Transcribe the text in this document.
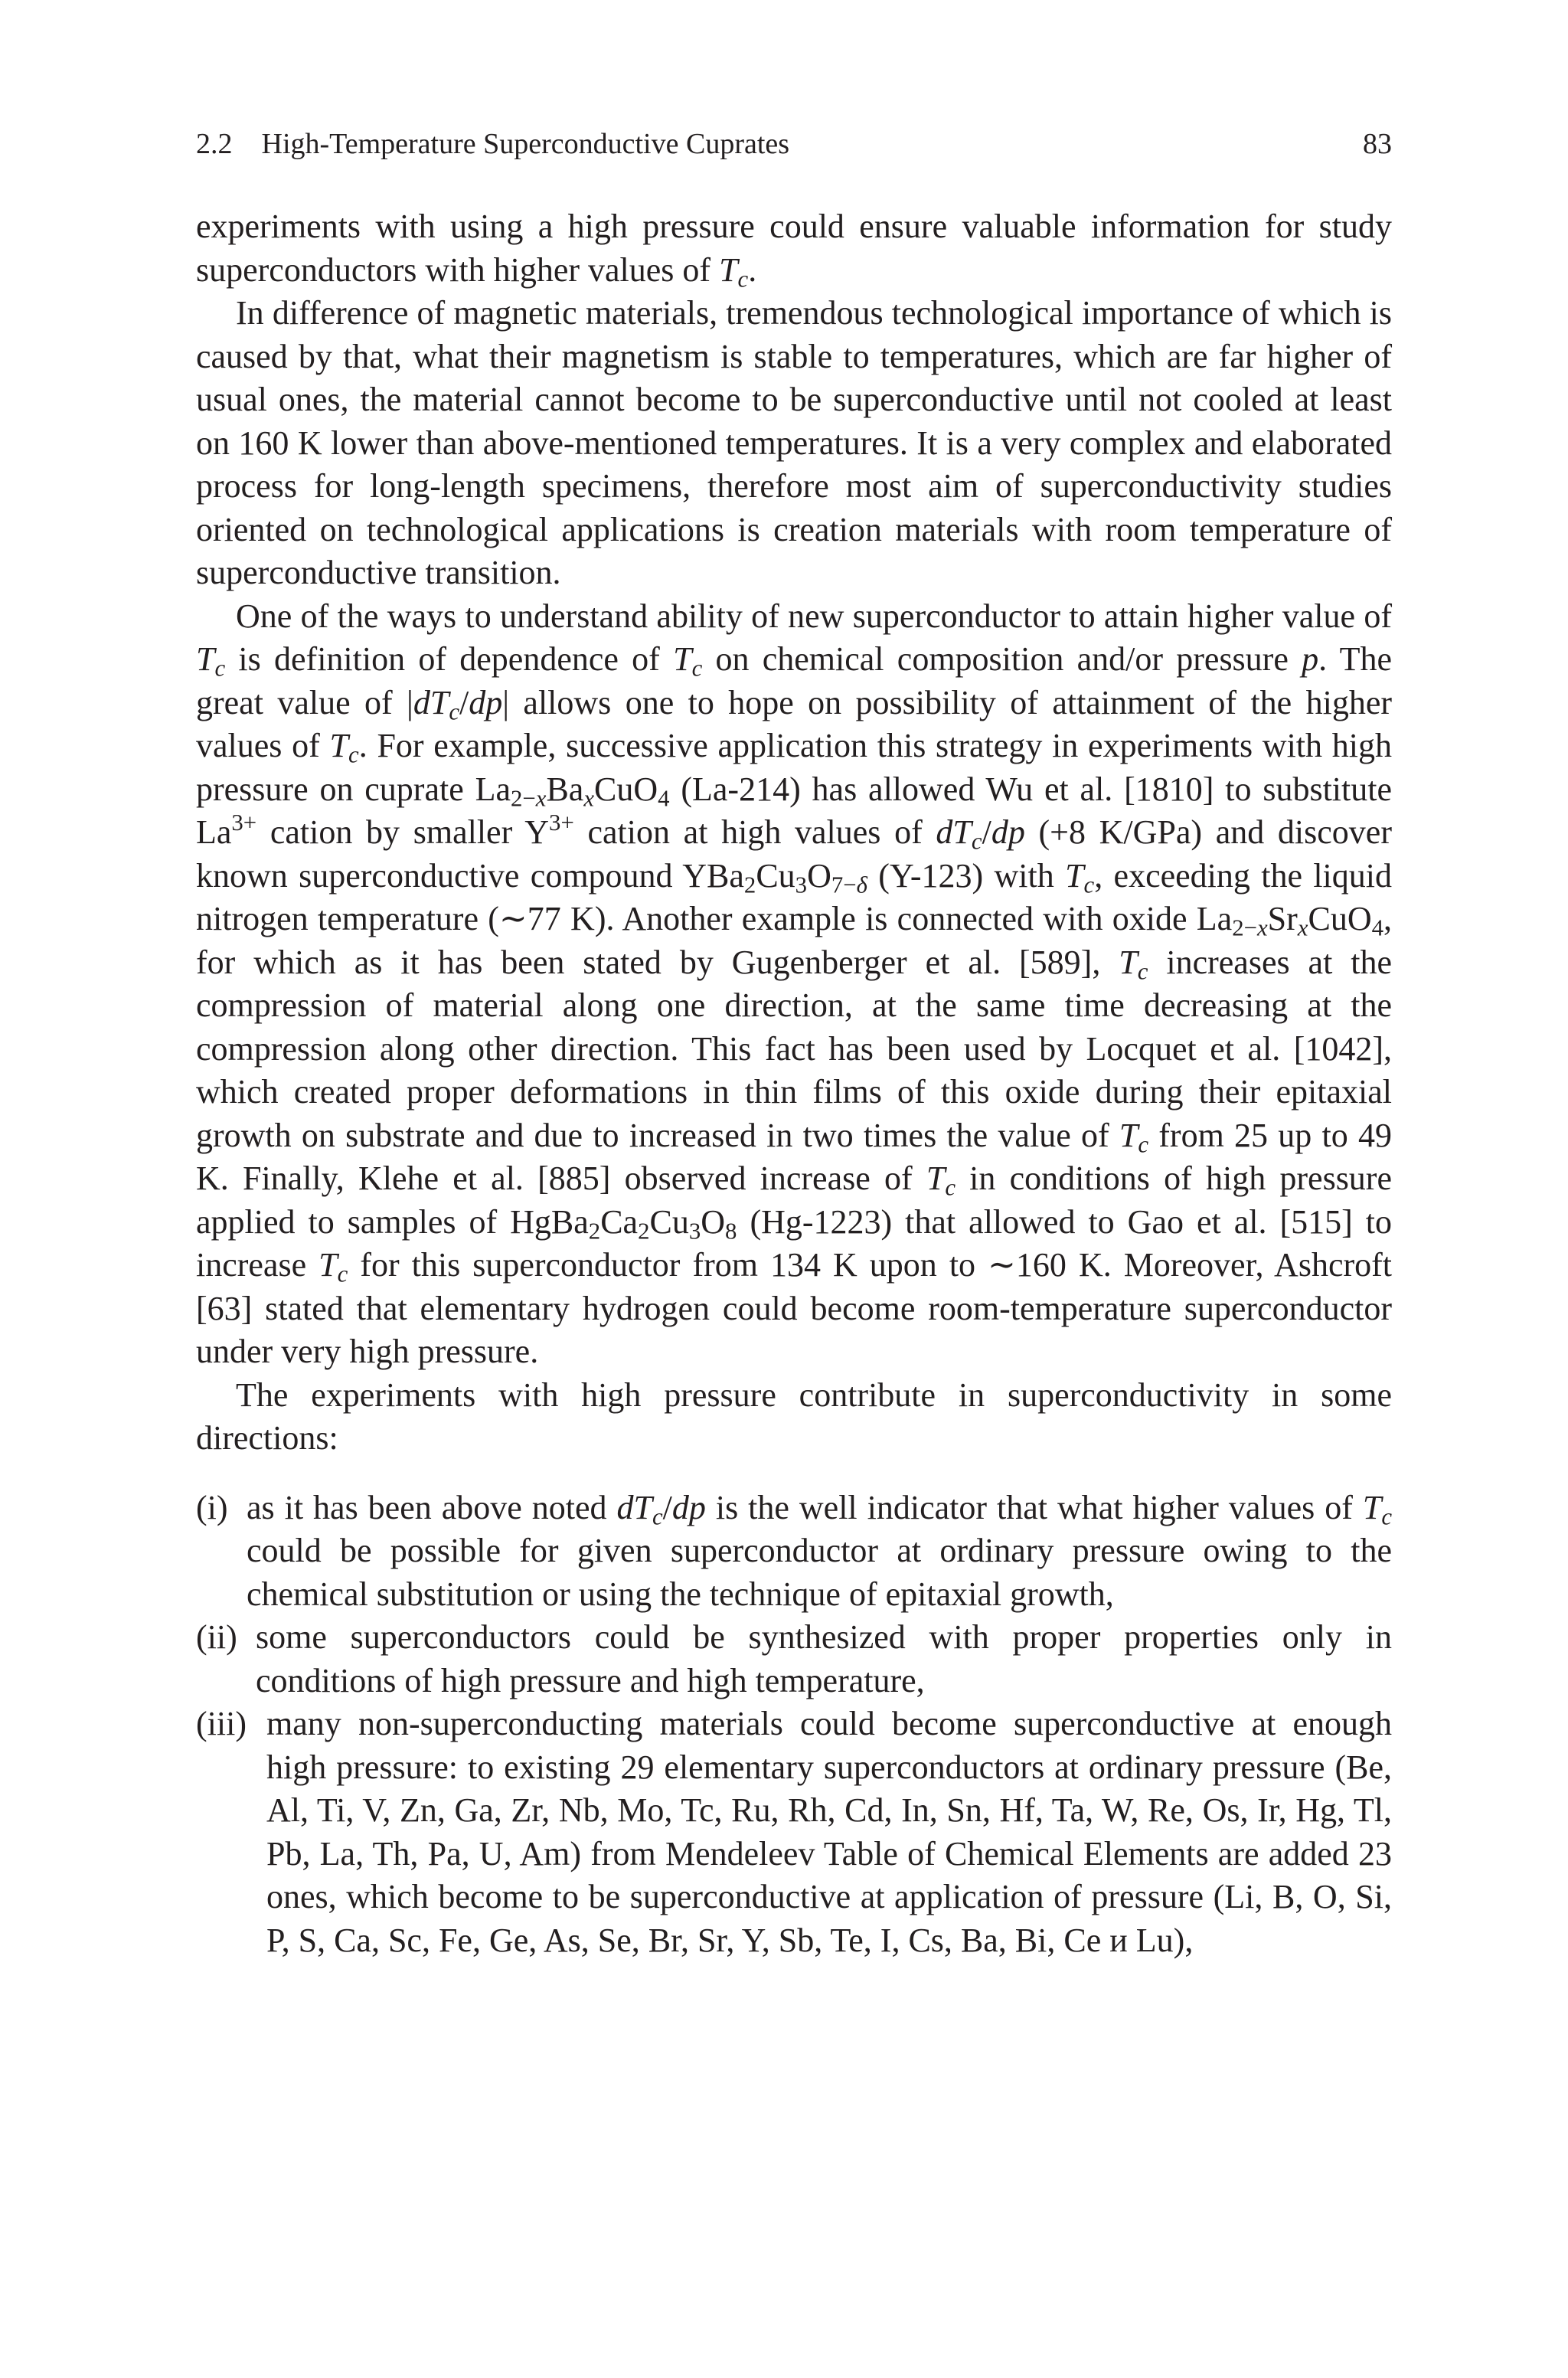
2.2 High-Temperature Superconductive Cuprates	83

experiments with using a high pressure could ensure valuable information for study superconductors with higher values of $T_c$.

In difference of magnetic materials, tremendous technological importance of which is caused by that, what their magnetism is stable to temperatures, which are far higher of usual ones, the material cannot become to be superconductive until not cooled at least on 160 K lower than above-mentioned temperatures. It is a very complex and elaborated process for long-length specimens, therefore most aim of superconductivity studies oriented on technological applications is creation materials with room temperature of superconductive transition.

One of the ways to understand ability of new superconductor to attain higher value of $T_c$ is definition of dependence of $T_c$ on chemical composition and/or pressure p. The great value of $|dT_c/dp|$ allows one to hope on possibility of attainment of the higher values of $T_c$. For example, successive application this strategy in experiments with high pressure on cuprate $La_{2-x}Ba_xCuO_4$ (La-214) has allowed Wu et al. [1810] to substitute $La^{3+}$ cation by smaller $Y^{3+}$ cation at high values of $dT_c/dp$ (+8 K/GPa) and discover known superconductive compound $YBa_2Cu_3O_{7-\delta}$ (Y-123) with $T_c$, exceeding the liquid nitrogen temperature (∼77 K). Another example is connected with oxide $La_{2-x}Sr_xCuO_4$, for which as it has been stated by Gugenberger et al. [589], $T_c$ increases at the compression of material along one direction, at the same time decreasing at the compression along other direction. This fact has been used by Locquet et al. [1042], which created proper deformations in thin films of this oxide during their epitaxial growth on substrate and due to increased in two times the value of $T_c$ from 25 up to 49 K. Finally, Klehe et al. [885] observed increase of $T_c$ in conditions of high pressure applied to samples of $HgBa_2Ca_2Cu_3O_8$ (Hg-1223) that allowed to Gao et al. [515] to increase $T_c$ for this superconductor from 134 K upon to ∼160 K. Moreover, Ashcroft [63] stated that elementary hydrogen could become room-temperature superconductor under very high pressure.

The experiments with high pressure contribute in superconductivity in some directions:

(i) as it has been above noted $dT_c/dp$ is the well indicator that what higher values of $T_c$ could be possible for given superconductor at ordinary pressure owing to the chemical substitution or using the technique of epitaxial growth,
(ii) some superconductors could be synthesized with proper properties only in conditions of high pressure and high temperature,
(iii) many non-superconducting materials could become superconductive at enough high pressure: to existing 29 elementary superconductors at ordinary pressure (Be, Al, Ti, V, Zn, Ga, Zr, Nb, Mo, Tc, Ru, Rh, Cd, In, Sn, Hf, Ta, W, Re, Os, Ir, Hg, Tl, Pb, La, Th, Pa, U, Am) from Mendeleev Table of Chemical Elements are added 23 ones, which become to be superconductive at application of pressure (Li, B, O, Si, P, S, Ca, Sc, Fe, Ge, As, Se, Br, Sr, Y, Sb, Te, I, Cs, Ba, Bi, Ce и Lu),
